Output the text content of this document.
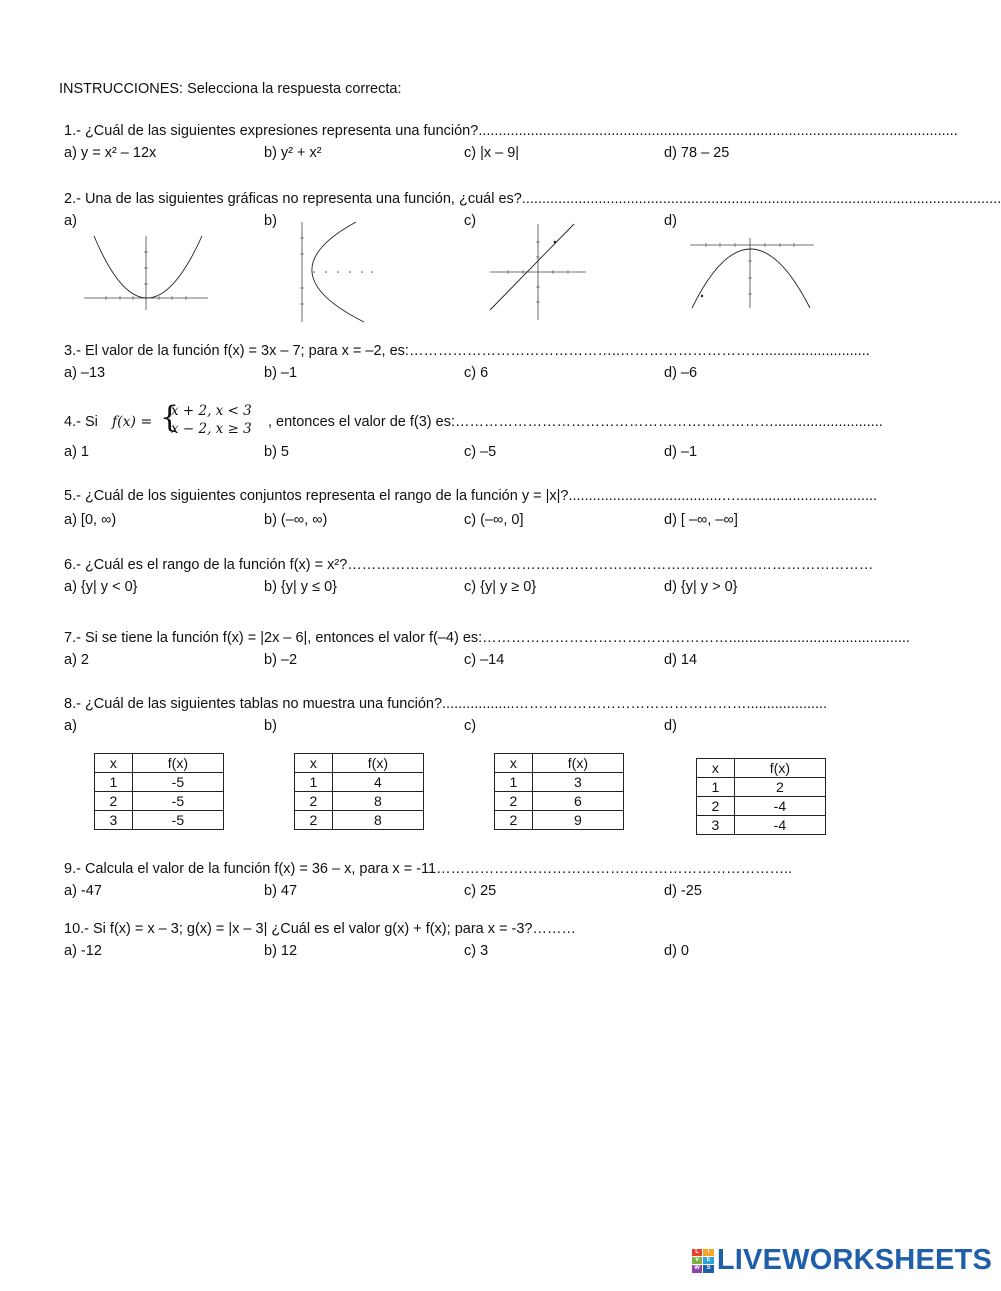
INSTRUCCIONES: Selecciona la respuesta correcta:
1.- ¿Cuál de las siguientes expresiones representa una función?.......................................................................................................................
a) y = x² – 12x	b) y² + x²	c) |x – 9|	d) 78 – 25
2.- Una de las siguientes gráficas no representa una función, ¿cuál es?.......................................................................................................................
a)	b)	c)	d)
3.- El valor de la función f(x) = 3x – 7; para x = –2, es:……………………………………..…………………………..........................
a) –13	b) –1	c) 6	d) –6
4.- Si f(x) = {
x + 2, x < 3
x − 2, x ≥ 3 , entonces el valor de f(3) es:…………………………………………………………...........................
a) 1	b) 5	c) –5	d) –1
5.- ¿Cuál de los siguientes conjuntos representa el rango de la función y = |x|?......................................…...................................
a) [0, ∞)	b) (–∞, ∞)	c) (–∞, 0]	d) [ –∞, –∞]
6.- ¿Cuál es el rango de la función f(x) = x²?………………………………………………………………………….……………………
a) {y| y < 0}	b) {y| y ≤ 0}	c) {y| y ≥ 0}	d) {y| y > 0}
7.- Si se tiene la función f(x) = |2x – 6|, entonces el valor f(–4) es:…………………………………………….............................................
a) 2	b) –2	c) –14	d) 14
8.- ¿Cuál de las siguientes tablas no muestra una función?..................…………………………………………....................
a)	b)	c)	d)
x	f(x)
1	-5
2	-5
3	-5
x	f(x)
1	4
2	8
2	8
x	f(x)
1	3
2	6
2	9
x	f(x)
1	2
2	-4
3	-4
9.- Calcula el valor de la función f(x) = 36 – x, para x = -11………………………………………………………………..
a) -47	b) 47	c) 25	d) -25
10.- Si f(x) = x – 3; g(x) = |x – 3| ¿Cuál es el valor g(x) + f(x); para x = -3?………
a) -12	b) 12	c) 3	d) 0
L	I
V	E
W	S LIVEWORKSHEETS
